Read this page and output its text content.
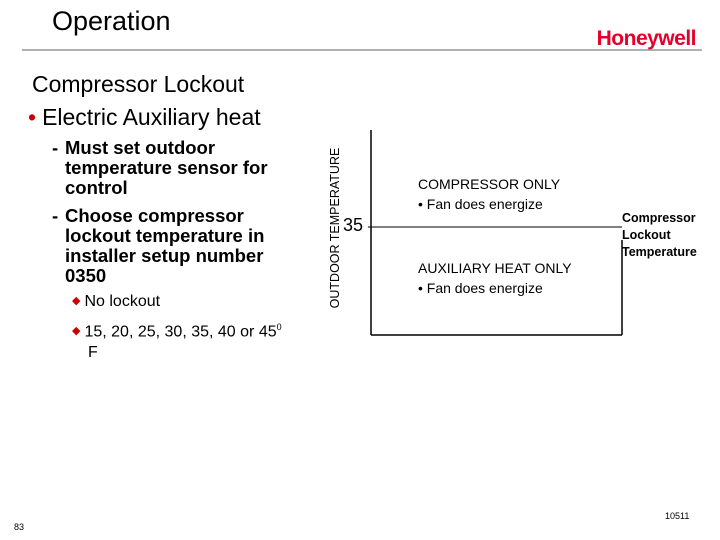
Operation
Honeywell
Compressor Lockout
• Electric Auxiliary heat
- Must set outdoor temperature sensor for control
- Choose compressor lockout temperature in installer setup number 0350
◆ No lockout
◆ 15, 20, 25, 30, 35, 40 or $45^0$
F
OUTDOOR TEMPERATURE 35
COMPRESSOR ONLY
• Fan does energize
AUXILIARY HEAT ONLY
• Fan does energize
Compressor
Lockout
Temperature
83
10511
